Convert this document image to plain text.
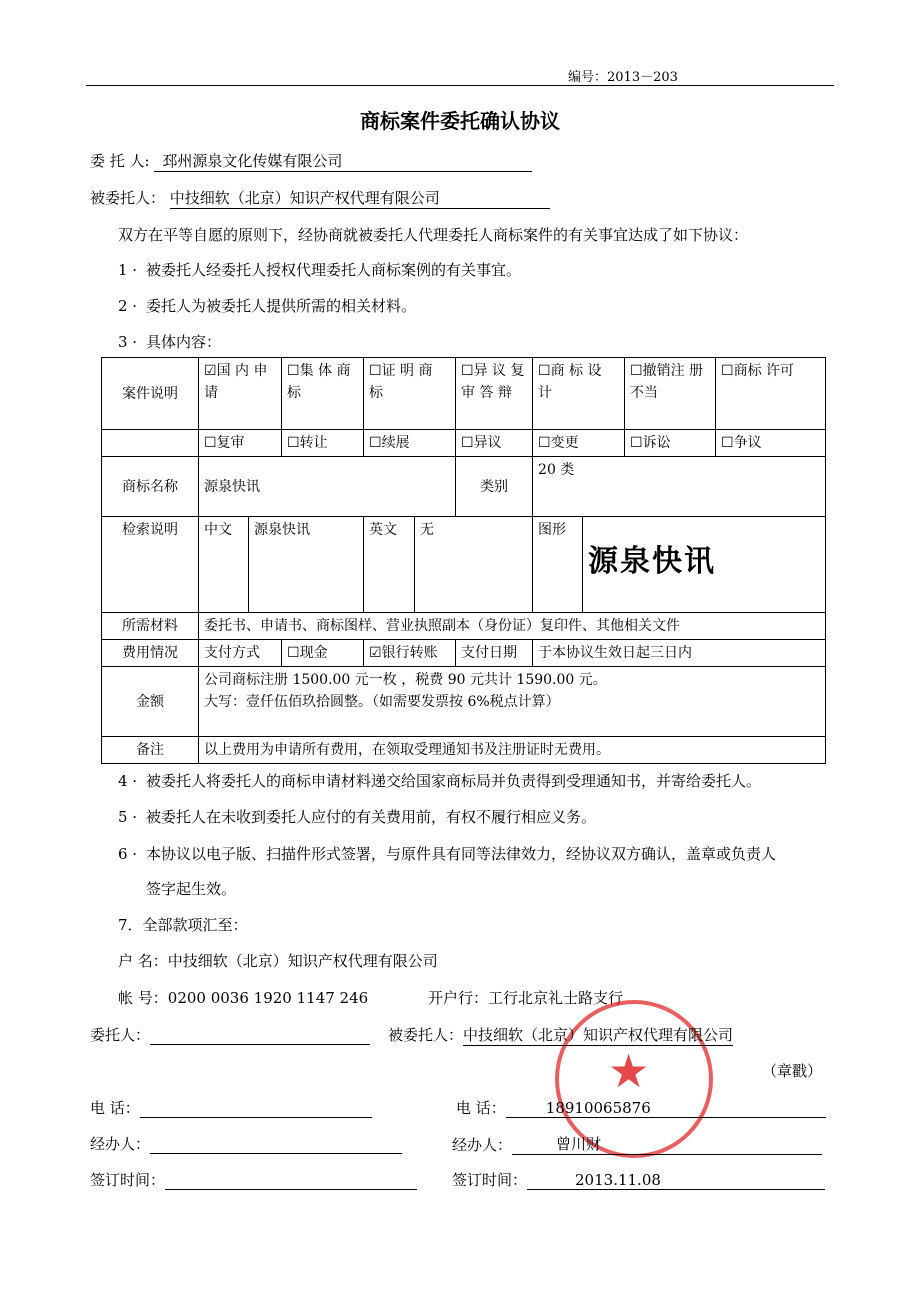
编号：2013－203
商标案件委托确认协议
委 托 人: 邳州源泉文化传媒有限公司
被委托人： 中技细软（北京）知识产权代理有限公司
双方在平等自愿的原则下，经协商就被委托人代理委托人商标案件的有关事宜达成了如下协议：
1 · 被委托人经委托人授权代理委托人商标案例的有关事宜。
2 · 委托人为被委托人提供所需的相关材料。
3 · 具体内容：
案件说明	☑国 内 申 请		☐集 体 商 标	☐证 明 商 标		☐异 议 复 审 答 辩	☐商 标 设 计		☐撤销注 册不当	☐商标 许可
	☐复审		☐转让	☐续展		☐异议	☐变更		☐诉讼	☐争议
商标名称	源泉快讯					类别	20 类			
检索说明	中文	源泉快讯		英文	无		图形	源泉快讯		
所需材料	委托书、申请书、商标图样、营业执照副本（身份证）复印件、其他相关文件									
费用情况	支付方式		☐现金	☑银行转账		支付日期	于本协议生效日起三日内			
金额	公司商标注册 1500.00 元一枚 ，税费 90 元共计 1590.00 元。
大写：壹仟伍佰玖拾圆整。（如需要发票按 6%税点计算）									

备注	以上费用为申请所有费用，在领取受理通知书及注册证时无费用。									
4 · 被委托人将委托人的商标申请材料递交给国家商标局并负责得到受理通知书，并寄给委托人。
5 · 被委托人在未收到委托人应付的有关费用前，有权不履行相应义务。
6 · 本协议以电子版、扫描件形式签署，与原件具有同等法律效力，经协议双方确认，盖章或负责人
签字起生效。
7．全部款项汇至：
户 名：中技细软（北京）知识产权代理有限公司
帐 号：0200 0036 1920 1147 246	开户行：工行北京礼士路支行
★
委托人：	被委托人：中技细软（北京）知识产权代理有限公司
（章戳）
电 话：	电 话：	18910065876
经办人：	经办人：	曾川财
签订时间：	签订时间：	2013.11.08
